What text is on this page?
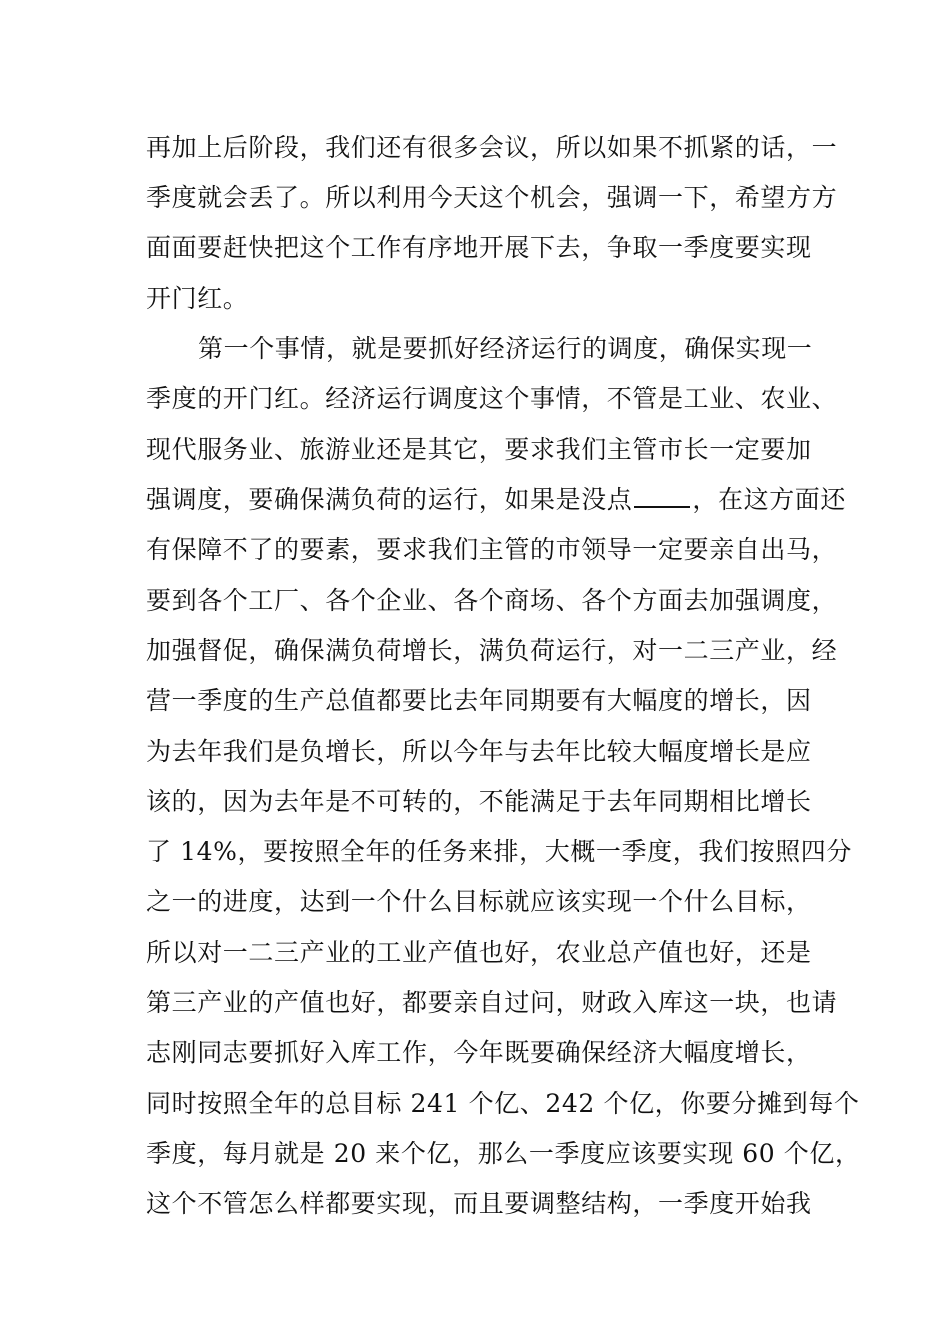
再加上后阶段，我们还有很多会议，所以如果不抓紧的话，一
季度就会丢了。所以利用今天这个机会，强调一下，希望方方
面面要赶快把这个工作有序地开展下去，争取一季度要实现
开门红。
第一个事情，就是要抓好经济运行的调度，确保实现一
季度的开门红。经济运行调度这个事情，不管是工业、农业、
现代服务业、旅游业还是其它，要求我们主管市长一定要加
强调度，要确保满负荷的运行，如果是没点 ，在这方面还
有保障不了的要素，要求我们主管的市领导一定要亲自出马，
要到各个工厂、各个企业、各个商场、各个方面去加强调度，
加强督促，确保满负荷增长，满负荷运行，对一二三产业，经
营一季度的生产总值都要比去年同期要有大幅度的增长，因
为去年我们是负增长，所以今年与去年比较大幅度增长是应
该的，因为去年是不可转的，不能满足于去年同期相比增长
了 14%，要按照全年的任务来排，大概一季度，我们按照四分
之一的进度，达到一个什么目标就应该实现一个什么目标，
所以对一二三产业的工业产值也好，农业总产值也好，还是
第三产业的产值也好，都要亲自过问，财政入库这一块，也请
志刚同志要抓好入库工作，今年既要确保经济大幅度增长，
同时按照全年的总目标 241 个亿、242 个亿，你要分摊到每个
季度，每月就是 20 来个亿，那么一季度应该要实现 60 个亿，
这个不管怎么样都要实现，而且要调整结构，一季度开始我
